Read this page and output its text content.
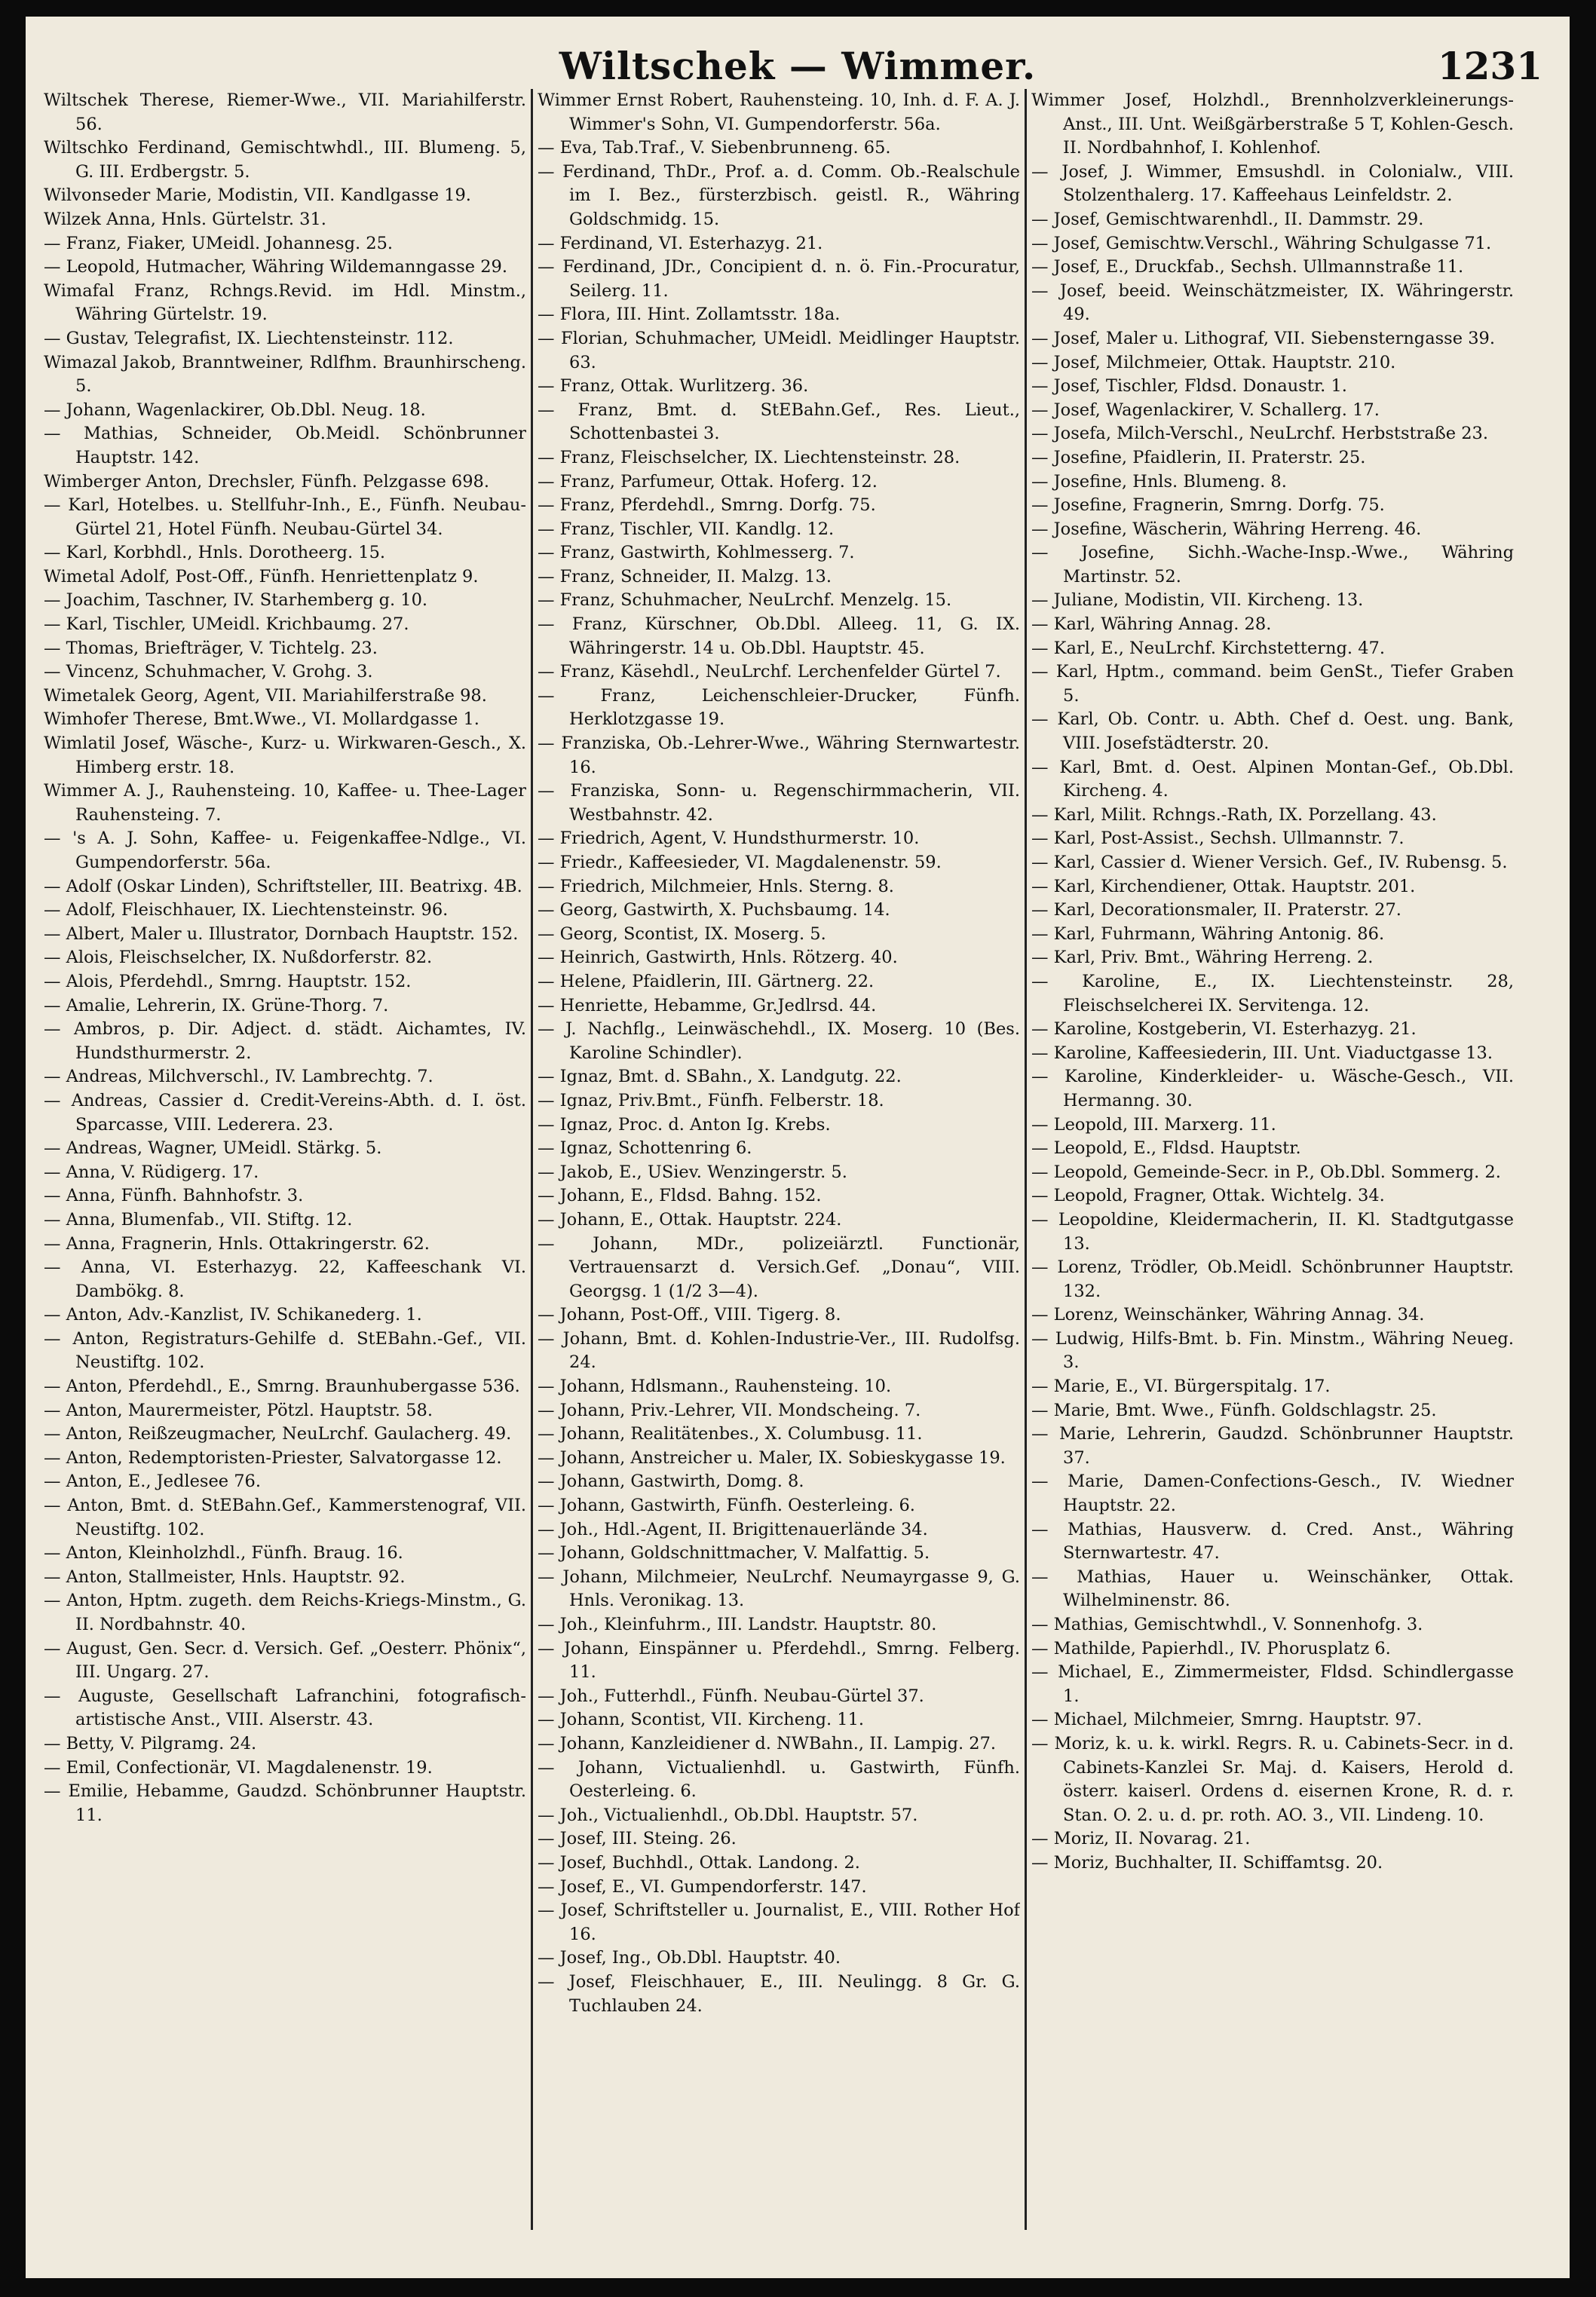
Wiltschek — Wimmer.	1231

Wiltschek Therese, Riemer-Wwe., VII. Mariahilferstr. 56.

Wiltschko Ferdinand, Gemischtwhdl., III. Blumeng. 5, G. III. Erdbergstr. 5.

Wilvonseder Marie, Modistin, VII. Kandlgasse 19.

Wilzek Anna, Hnls. Gürtelstr. 31.

— Franz, Fiaker, UMeidl. Johannesg. 25.

— Leopold, Hutmacher, Währing Wildemanngasse 29.

Wimafal Franz, Rchngs.Revid. im Hdl. Minstm., Währing Gürtelstr. 19.

— Gustav, Telegrafist, IX. Liechtensteinstr. 112.

Wimazal Jakob, Branntweiner, Rdlfhm. Braunhirscheng. 5.

— Johann, Wagenlackirer, Ob.Dbl. Neug. 18.

— Mathias, Schneider, Ob.Meidl. Schönbrunner Hauptstr. 142.

Wimberger Anton, Drechsler, Fünfh. Pelzgasse 698.

— Karl, Hotelbes. u. Stellfuhr-Inh., E., Fünfh. Neubau-Gürtel 21, Hotel Fünfh. Neubau-Gürtel 34.

— Karl, Korbhdl., Hnls. Dorotheerg. 15.

Wimetal Adolf, Post-Off., Fünfh. Henriettenplatz 9.

— Joachim, Taschner, IV. Starhemberg g. 10.

— Karl, Tischler, UMeidl. Krichbaumg. 27.

— Thomas, Briefträger, V. Tichtelg. 23.

— Vincenz, Schuhmacher, V. Grohg. 3.

Wimetalek Georg, Agent, VII. Mariahilferstraße 98.

Wimhofer Therese, Bmt.Wwe., VI. Mollardgasse 1.

Wimlatil Josef, Wäsche-, Kurz- u. Wirkwaren-Gesch., X. Himberg erstr. 18.

Wimmer A. J., Rauhensteing. 10, Kaffee- u. Thee-Lager Rauhensteing. 7.

— 's A. J. Sohn, Kaffee- u. Feigenkaffee-Ndlge., VI. Gumpendorferstr. 56a.

— Adolf (Oskar Linden), Schriftsteller, III. Beatrixg. 4B.

— Adolf, Fleischhauer, IX. Liechtensteinstr. 96.

— Albert, Maler u. Illustrator, Dornbach Hauptstr. 152.

— Alois, Fleischselcher, IX. Nußdorferstr. 82.

— Alois, Pferdehdl., Smrng. Hauptstr. 152.

— Amalie, Lehrerin, IX. Grüne-Thorg. 7.

— Ambros, p. Dir. Adject. d. städt. Aichamtes, IV. Hundsthurmerstr. 2.

— Andreas, Milchverschl., IV. Lambrechtg. 7.

— Andreas, Cassier d. Credit-Vereins-Abth. d. I. öst. Sparcasse, VIII. Lederera. 23.

— Andreas, Wagner, UMeidl. Stärkg. 5.

— Anna, V. Rüdigerg. 17.

— Anna, Fünfh. Bahnhofstr. 3.

— Anna, Blumenfab., VII. Stiftg. 12.

— Anna, Fragnerin, Hnls. Ottakringerstr. 62.

— Anna, VI. Esterhazyg. 22, Kaffeeschank VI. Dambökg. 8.

— Anton, Adv.-Kanzlist, IV. Schikanederg. 1.

— Anton, Registraturs-Gehilfe d. StEBahn.-Gef., VII. Neustiftg. 102.

— Anton, Pferdehdl., E., Smrng. Braunhubergasse 536.

— Anton, Maurermeister, Pötzl. Hauptstr. 58.

— Anton, Reißzeugmacher, NeuLrchf. Gaulacherg. 49.

— Anton, Redemptoristen-Priester, Salvatorgasse 12.

— Anton, E., Jedlesee 76.

— Anton, Bmt. d. StEBahn.Gef., Kammerstenograf, VII. Neustiftg. 102.

— Anton, Kleinholzhdl., Fünfh. Braug. 16.

— Anton, Stallmeister, Hnls. Hauptstr. 92.

— Anton, Hptm. zugeth. dem Reichs-Kriegs-Minstm., G. II. Nordbahnstr. 40.

— August, Gen. Secr. d. Versich. Gef. „Oesterr. Phönix“, III. Ungarg. 27.

— Auguste, Gesellschaft Lafranchini, fotografisch-artistische Anst., VIII. Alserstr. 43.

— Betty, V. Pilgramg. 24.

— Emil, Confectionär, VI. Magdalenenstr. 19.

— Emilie, Hebamme, Gaudzd. Schönbrunner Hauptstr. 11.

Wimmer Ernst Robert, Rauhensteing. 10, Inh. d. F. A. J. Wimmer's Sohn, VI. Gumpendorferstr. 56a.

— Eva, Tab.Traf., V. Siebenbrunneng. 65.

— Ferdinand, ThDr., Prof. a. d. Comm. Ob.-Realschule im I. Bez., fürsterzbisch. geistl. R., Währing Goldschmidg. 15.

— Ferdinand, VI. Esterhazyg. 21.

— Ferdinand, JDr., Concipient d. n. ö. Fin.-Procuratur, Seilerg. 11.

— Flora, III. Hint. Zollamtsstr. 18a.

— Florian, Schuhmacher, UMeidl. Meidlinger Hauptstr. 63.

— Franz, Ottak. Wurlitzerg. 36.

— Franz, Bmt. d. StEBahn.Gef., Res. Lieut., Schottenbastei 3.

— Franz, Fleischselcher, IX. Liechtensteinstr. 28.

— Franz, Parfumeur, Ottak. Hoferg. 12.

— Franz, Pferdehdl., Smrng. Dorfg. 75.

— Franz, Tischler, VII. Kandlg. 12.

— Franz, Gastwirth, Kohlmesserg. 7.

— Franz, Schneider, II. Malzg. 13.

— Franz, Schuhmacher, NeuLrchf. Menzelg. 15.

— Franz, Kürschner, Ob.Dbl. Alleeg. 11, G. IX. Währingerstr. 14 u. Ob.Dbl. Hauptstr. 45.

— Franz, Käsehdl., NeuLrchf. Lerchenfelder Gürtel 7.

— Franz, Leichenschleier-Drucker, Fünfh. Herklotzgasse 19.

— Franziska, Ob.-Lehrer-Wwe., Währing Sternwartestr. 16.

— Franziska, Sonn- u. Regenschirmmacherin, VII. Westbahnstr. 42.

— Friedrich, Agent, V. Hundsthurmerstr. 10.

— Friedr., Kaffeesieder, VI. Magdalenenstr. 59.

— Friedrich, Milchmeier, Hnls. Sterng. 8.

— Georg, Gastwirth, X. Puchsbaumg. 14.

— Georg, Scontist, IX. Moserg. 5.

— Heinrich, Gastwirth, Hnls. Rötzerg. 40.

— Helene, Pfaidlerin, III. Gärtnerg. 22.

— Henriette, Hebamme, Gr.Jedlrsd. 44.

— J. Nachflg., Leinwäschehdl., IX. Moserg. 10 (Bes. Karoline Schindler).

— Ignaz, Bmt. d. SBahn., X. Landgutg. 22.

— Ignaz, Priv.Bmt., Fünfh. Felberstr. 18.

— Ignaz, Proc. d. Anton Ig. Krebs.

— Ignaz, Schottenring 6.

— Jakob, E., USiev. Wenzingerstr. 5.

— Johann, E., Fldsd. Bahng. 152.

— Johann, E., Ottak. Hauptstr. 224.

— Johann, MDr., polizeiärztl. Functionär, Vertrauensarzt d. Versich.Gef. „Donau“, VIII. Georgsg. 1 (1/2 3—4).

— Johann, Post-Off., VIII. Tigerg. 8.

— Johann, Bmt. d. Kohlen-Industrie-Ver., III. Rudolfsg. 24.

— Johann, Hdlsmann., Rauhensteing. 10.

— Johann, Priv.-Lehrer, VII. Mondscheing. 7.

— Johann, Realitätenbes., X. Columbusg. 11.

— Johann, Anstreicher u. Maler, IX. Sobieskygasse 19.

— Johann, Gastwirth, Domg. 8.

— Johann, Gastwirth, Fünfh. Oesterleing. 6.

— Joh., Hdl.-Agent, II. Brigittenauerlände 34.

— Johann, Goldschnittmacher, V. Malfattig. 5.

— Johann, Milchmeier, NeuLrchf. Neumayrgasse 9, G. Hnls. Veronikag. 13.

— Joh., Kleinfuhrm., III. Landstr. Hauptstr. 80.

— Johann, Einspänner u. Pferdehdl., Smrng. Felberg. 11.

— Joh., Futterhdl., Fünfh. Neubau-Gürtel 37.

— Johann, Scontist, VII. Kircheng. 11.

— Johann, Kanzleidiener d. NWBahn., II. Lampig. 27.

— Johann, Victualienhdl. u. Gastwirth, Fünfh. Oesterleing. 6.

— Joh., Victualienhdl., Ob.Dbl. Hauptstr. 57.

— Josef, III. Steing. 26.

— Josef, Buchhdl., Ottak. Landong. 2.

— Josef, E., VI. Gumpendorferstr. 147.

— Josef, Schriftsteller u. Journalist, E., VIII. Rother Hof 16.

— Josef, Ing., Ob.Dbl. Hauptstr. 40.

— Josef, Fleischhauer, E., III. Neulingg. 8 Gr. G. Tuchlauben 24.

Wimmer Josef, Holzhdl., Brennholzverkleinerungs-Anst., III. Unt. Weißgärberstraße 5 T, Kohlen-Gesch. II. Nordbahnhof, I. Kohlenhof.

— Josef, J. Wimmer, Emsushdl. in Colonialw., VIII. Stolzenthalerg. 17. Kaffeehaus Leinfeldstr. 2.

— Josef, Gemischtwarenhdl., II. Dammstr. 29.

— Josef, Gemischtw.Verschl., Währing Schulgasse 71.

— Josef, E., Druckfab., Sechsh. Ullmannstraße 11.

— Josef, beeid. Weinschätzmeister, IX. Währingerstr. 49.

— Josef, Maler u. Lithograf, VII. Siebensterngasse 39.

— Josef, Milchmeier, Ottak. Hauptstr. 210.

— Josef, Tischler, Fldsd. Donaustr. 1.

— Josef, Wagenlackirer, V. Schallerg. 17.

— Josefa, Milch-Verschl., NeuLrchf. Herbststraße 23.

— Josefine, Pfaidlerin, II. Praterstr. 25.

— Josefine, Hnls. Blumeng. 8.

— Josefine, Fragnerin, Smrng. Dorfg. 75.

— Josefine, Wäscherin, Währing Herreng. 46.

— Josefine, Sichh.-Wache-Insp.-Wwe., Währing Martinstr. 52.

— Juliane, Modistin, VII. Kircheng. 13.

— Karl, Währing Annag. 28.

— Karl, E., NeuLrchf. Kirchstetterng. 47.

— Karl, Hptm., command. beim GenSt., Tiefer Graben 5.

— Karl, Ob. Contr. u. Abth. Chef d. Oest. ung. Bank, VIII. Josefstädterstr. 20.

— Karl, Bmt. d. Oest. Alpinen Montan-Gef., Ob.Dbl. Kircheng. 4.

— Karl, Milit. Rchngs.-Rath, IX. Porzellang. 43.

— Karl, Post-Assist., Sechsh. Ullmannstr. 7.

— Karl, Cassier d. Wiener Versich. Gef., IV. Rubensg. 5.

— Karl, Kirchendiener, Ottak. Hauptstr. 201.

— Karl, Decorationsmaler, II. Praterstr. 27.

— Karl, Fuhrmann, Währing Antonig. 86.

— Karl, Priv. Bmt., Währing Herreng. 2.

— Karoline, E., IX. Liechtensteinstr. 28, Fleischselcherei IX. Servitenga. 12.

— Karoline, Kostgeberin, VI. Esterhazyg. 21.

— Karoline, Kaffeesiederin, III. Unt. Viaductgasse 13.

— Karoline, Kinderkleider- u. Wäsche-Gesch., VII. Hermanng. 30.

— Leopold, III. Marxerg. 11.

— Leopold, E., Fldsd. Hauptstr.

— Leopold, Gemeinde-Secr. in P., Ob.Dbl. Sommerg. 2.

— Leopold, Fragner, Ottak. Wichtelg. 34.

— Leopoldine, Kleidermacherin, II. Kl. Stadtgutgasse 13.

— Lorenz, Trödler, Ob.Meidl. Schönbrunner Hauptstr. 132.

— Lorenz, Weinschänker, Währing Annag. 34.

— Ludwig, Hilfs-Bmt. b. Fin. Minstm., Währing Neueg. 3.

— Marie, E., VI. Bürgerspitalg. 17.

— Marie, Bmt. Wwe., Fünfh. Goldschlagstr. 25.

— Marie, Lehrerin, Gaudzd. Schönbrunner Hauptstr. 37.

— Marie, Damen-Confections-Gesch., IV. Wiedner Hauptstr. 22.

— Mathias, Hausverw. d. Cred. Anst., Währing Sternwartestr. 47.

— Mathias, Hauer u. Weinschänker, Ottak. Wilhelminenstr. 86.

— Mathias, Gemischtwhdl., V. Sonnenhofg. 3.

— Mathilde, Papierhdl., IV. Phorusplatz 6.

— Michael, E., Zimmermeister, Fldsd. Schindlergasse 1.

— Michael, Milchmeier, Smrng. Hauptstr. 97.

— Moriz, k. u. k. wirkl. Regrs. R. u. Cabinets-Secr. in d. Cabinets-Kanzlei Sr. Maj. d. Kaisers, Herold d. österr. kaiserl. Ordens d. eisernen Krone, R. d. r. Stan. O. 2. u. d. pr. roth. AO. 3., VII. Lindeng. 10.

— Moriz, II. Novarag. 21.

— Moriz, Buchhalter, II. Schiffamtsg. 20.
